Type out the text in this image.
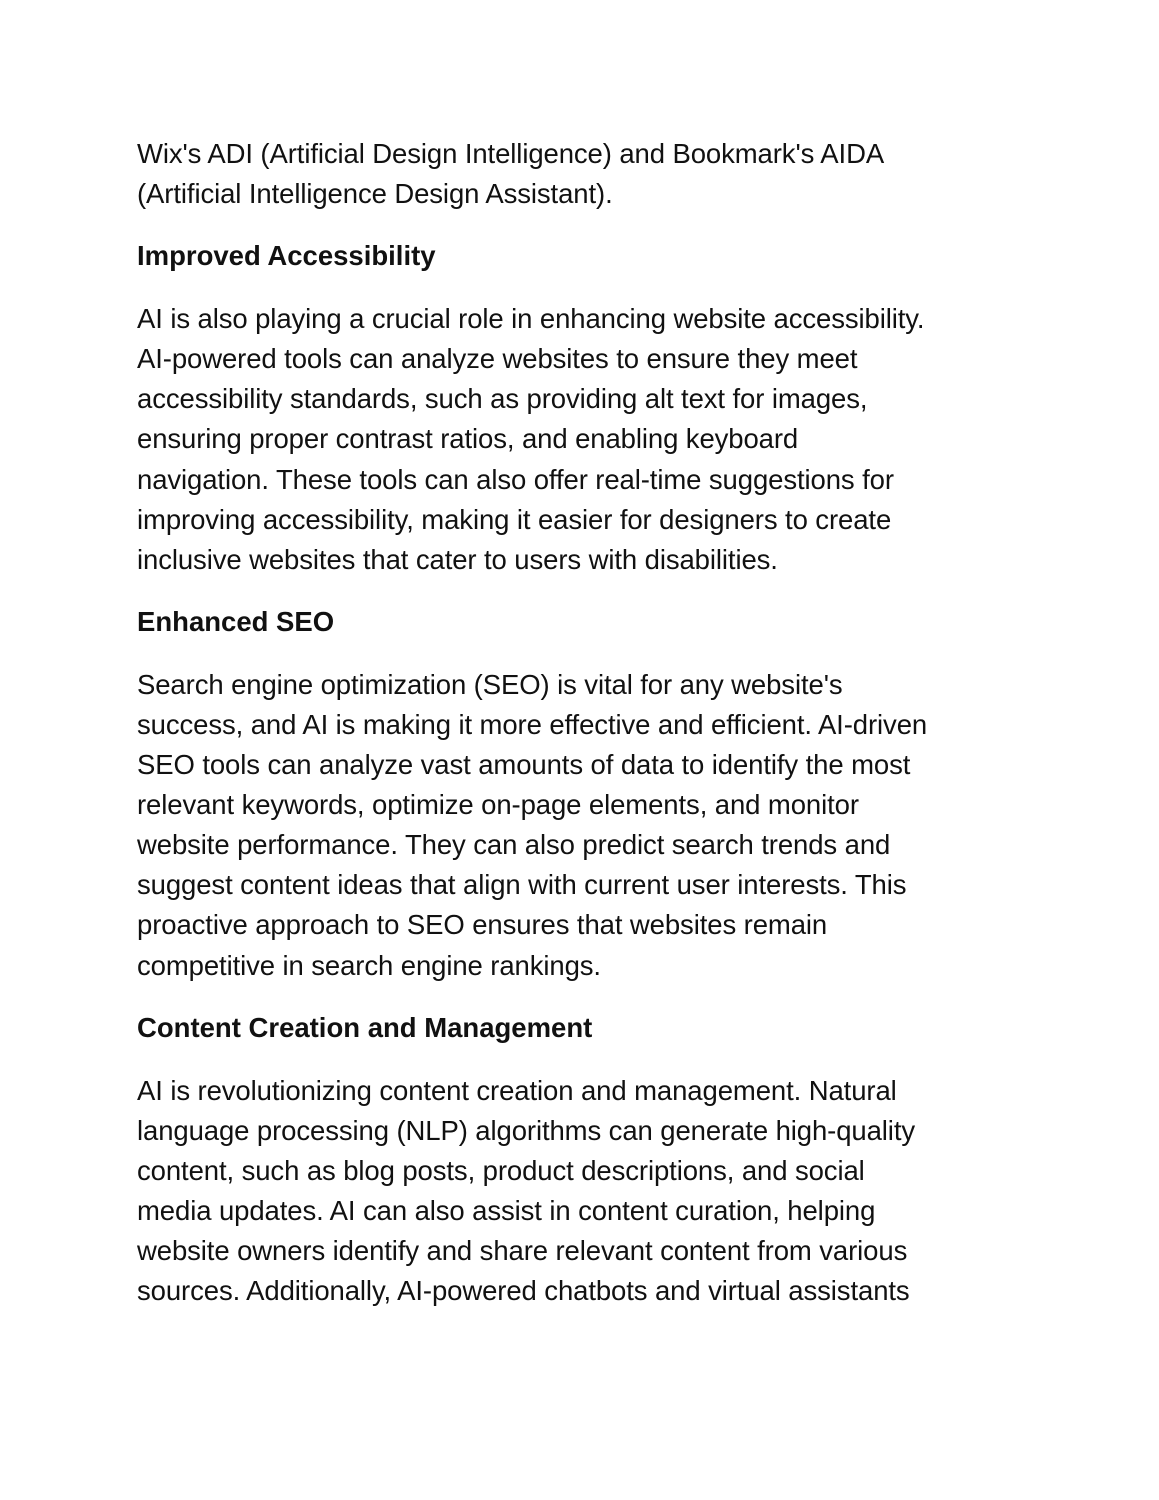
Wix's ADI (Artificial Design Intelligence) and Bookmark's AIDA
(Artificial Intelligence Design Assistant).

Improved Accessibility

AI is also playing a crucial role in enhancing website accessibility.
AI-powered tools can analyze websites to ensure they meet
accessibility standards, such as providing alt text for images,
ensuring proper contrast ratios, and enabling keyboard
navigation. These tools can also offer real-time suggestions for
improving accessibility, making it easier for designers to create
inclusive websites that cater to users with disabilities.

Enhanced SEO

Search engine optimization (SEO) is vital for any website's
success, and AI is making it more effective and efficient. AI-driven
SEO tools can analyze vast amounts of data to identify the most
relevant keywords, optimize on-page elements, and monitor
website performance. They can also predict search trends and
suggest content ideas that align with current user interests. This
proactive approach to SEO ensures that websites remain
competitive in search engine rankings.

Content Creation and Management

AI is revolutionizing content creation and management. Natural
language processing (NLP) algorithms can generate high-quality
content, such as blog posts, product descriptions, and social
media updates. AI can also assist in content curation, helping
website owners identify and share relevant content from various
sources. Additionally, AI-powered chatbots and virtual assistants
